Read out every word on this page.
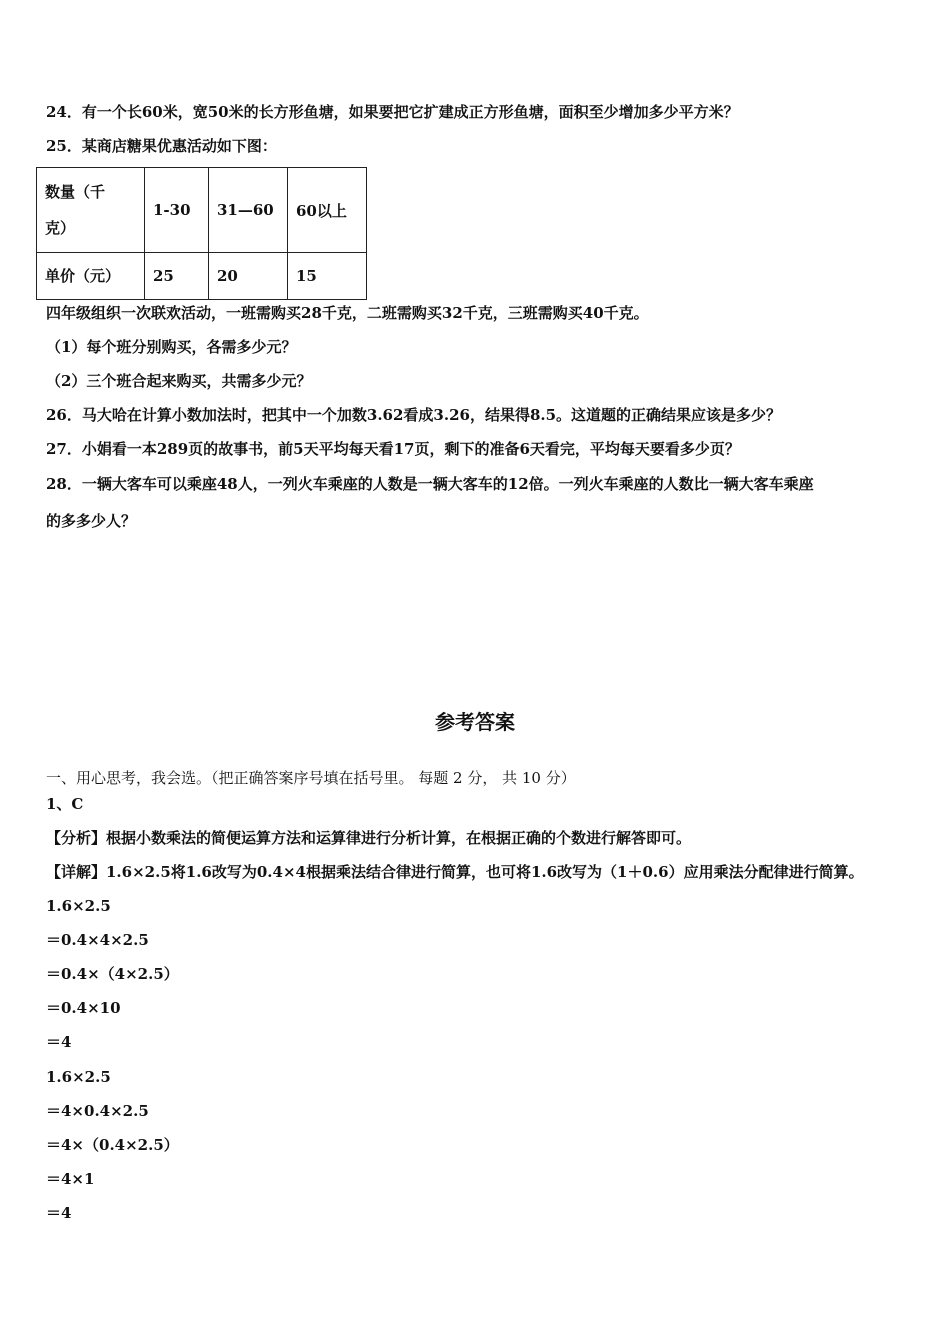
24．有一个长60米，宽50米的长方形鱼塘，如果要把它扩建成正方形鱼塘，面积至少增加多少平方米？
25．某商店糖果优惠活动如下图：
数量（千
克）	1-30	31—60	60以上
单价（元）	25	20	15
四年级组织一次联欢活动，一班需购买28千克，二班需购买32千克，三班需购买40千克。
（1）每个班分别购买，各需多少元？
（2）三个班合起来购买，共需多少元？
26．马大哈在计算小数加法时，把其中一个加数3.62看成3.26，结果得8.5。这道题的正确结果应该是多少？
27．小娟看一本289页的故事书，前5天平均每天看17页，剩下的准备6天看完，平均每天要看多少页？
28．一辆大客车可以乘座48人，一列火车乘座的人数是一辆大客车的12倍。一列火车乘座的人数比一辆大客车乘座
的多多少人？
参考答案
一、用心思考，我会选。（把正确答案序号填在括号里。 每题 2 分， 共 10 分）
1、C
【分析】根据小数乘法的简便运算方法和运算律进行分析计算，在根据正确的个数进行解答即可。
【详解】1.6×2.5将1.6改写为0.4×4根据乘法结合律进行简算，也可将1.6改写为（1＋0.6）应用乘法分配律进行简算。
1.6×2.5
＝0.4×4×2.5
＝0.4×（4×2.5）
＝0.4×10
＝4
1.6×2.5
＝4×0.4×2.5
＝4×（0.4×2.5）
＝4×1
＝4
